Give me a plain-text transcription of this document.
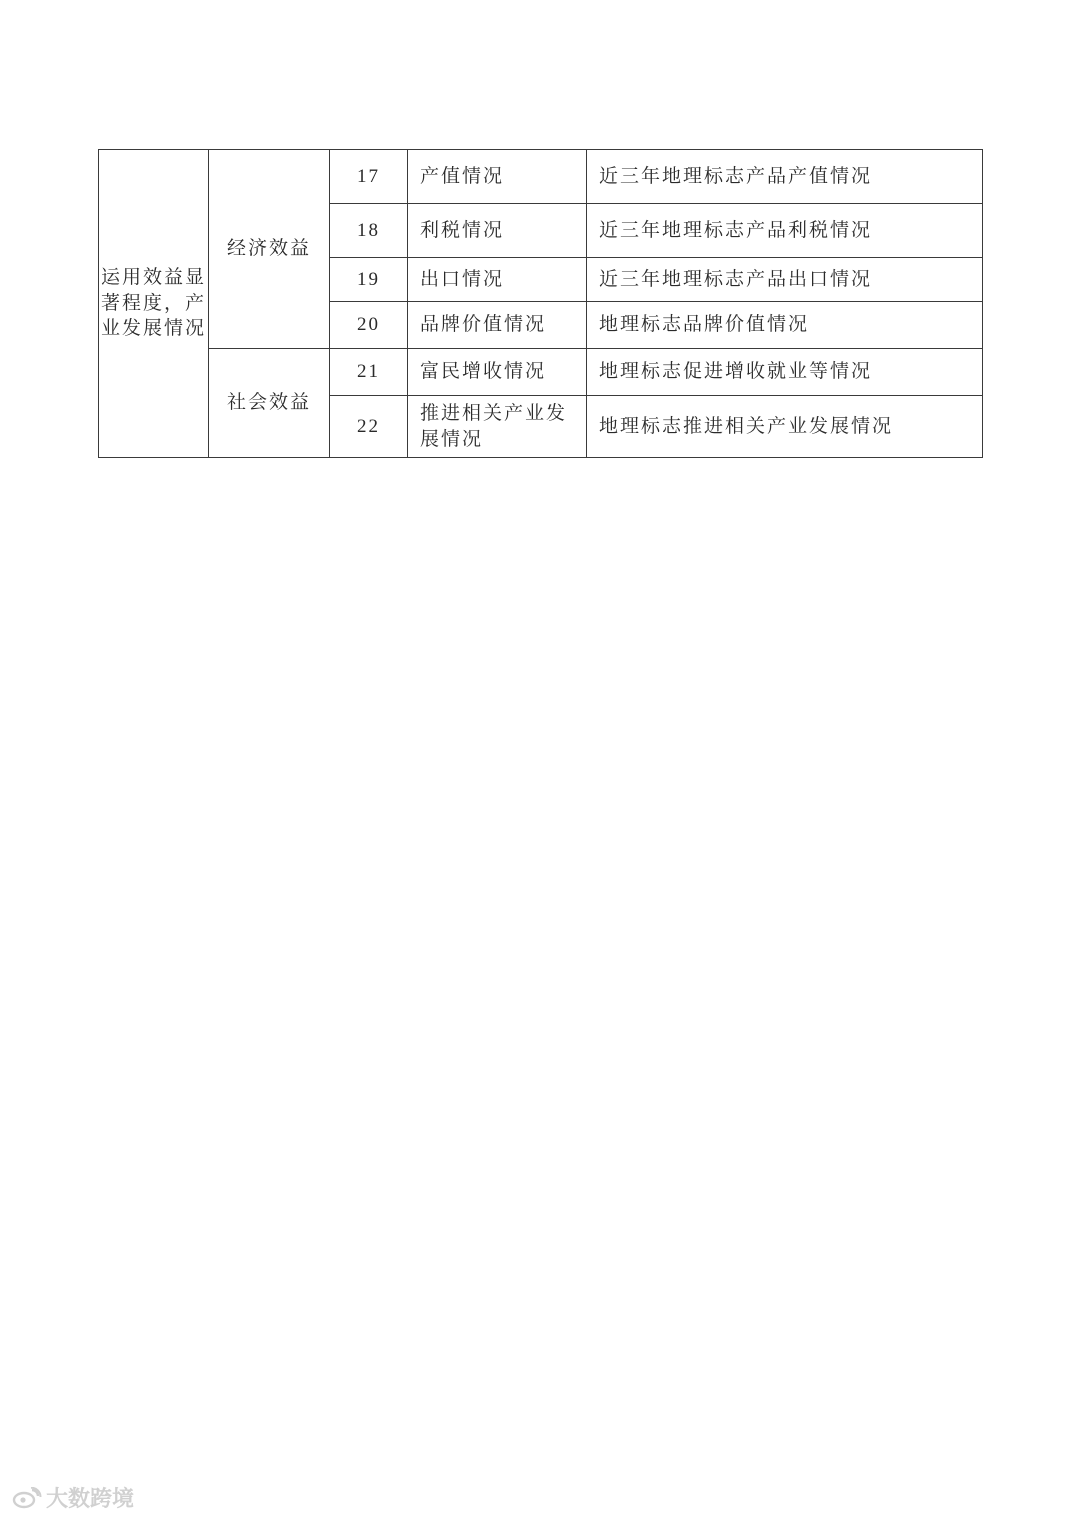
运用效益显著程度，产业发展情况	经济效益	17	产值情况	近三年地理标志产品产值情况
		18	利税情况	近三年地理标志产品利税情况
		19	出口情况	近三年地理标志产品出口情况
		20	品牌价值情况	地理标志品牌价值情况
	社会效益	21	富民增收情况	地理标志促进增收就业等情况
		22	推进相关产业发展情况	地理标志推进相关产业发展情况
大数跨境
